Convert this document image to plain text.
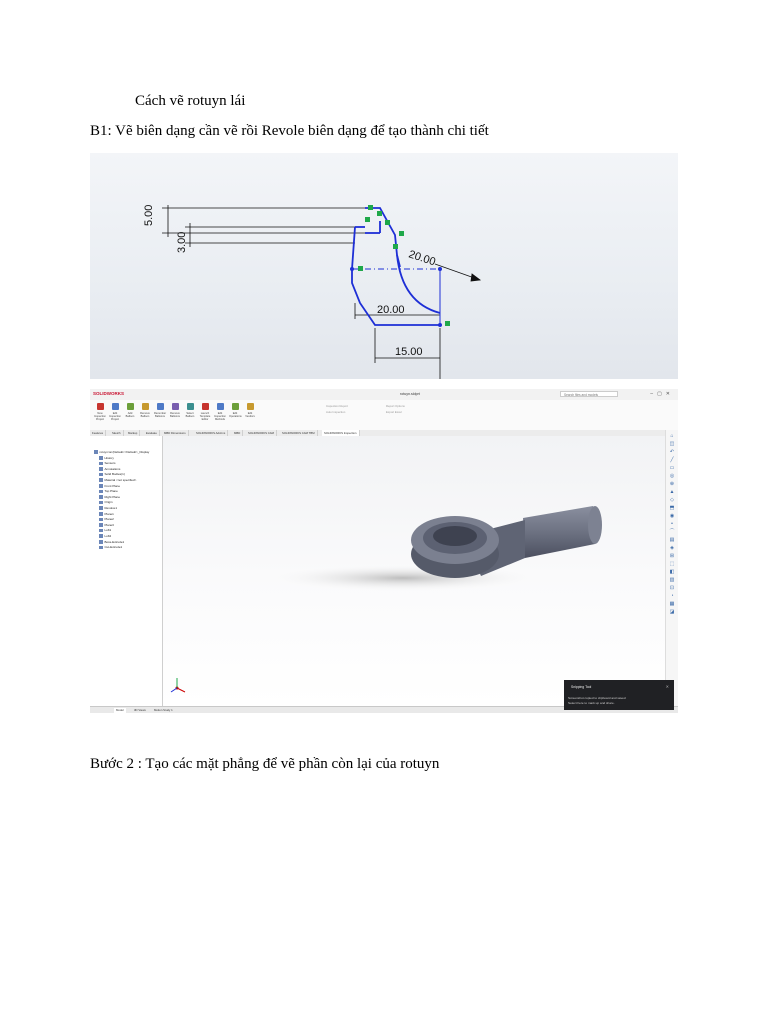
Cách vẽ rotuyn lái
B1: Vẽ biên dạng cần vẽ rồi Revole biên dạng để tạo thành chi tiết
5.00
3.00
20.00
20.00
15.00
SOLIDWORKS	rotuyn.sldprt	Search files and models	–▢✕
New Inspection Project
Edit Inspection Project
Add Balloon
Remove Balloon
Renumber Balloons
Remove Balloons
Select Balloon
Launch Template Editor
Edit Inspection Methods
Edit Operations
Edit Vendors
Inspection Report	Report Options
Auto Inspection	Export Excel
Features	Sketch	Markup	Evaluate	MBD Dimensions	SOLIDWORKS Add-Ins	MBD	SOLIDWORKS CAM	SOLIDWORKS CAM TBM	SOLIDWORKS Inspection
rotuyn lai (Default<<Default>_Display
History
Sensors
Annotations
Solid Bodies(1)
Material <not specified>
Front Plane
Top Plane
Right Plane
Origin
Revolve1
Plane1
Plane2
Plane3
Loft1
Loft2
Boss-Extrude1
Cut-Extrude1
⌂
◫
↶
╱
▭
◎
⊕
▲
◇
⬒
◉
•
⌒
▤
◈
⊞
⬚
◧
▥
⊡
◔
▦
◪
Model	3D Views	Motion Study 1
Snipping Tool	✕
Screenshot copied to clipboard and saved
Select here to mark up and share.
Bước 2 : Tạo các mặt phẳng để vẽ phần còn lại của rotuyn
